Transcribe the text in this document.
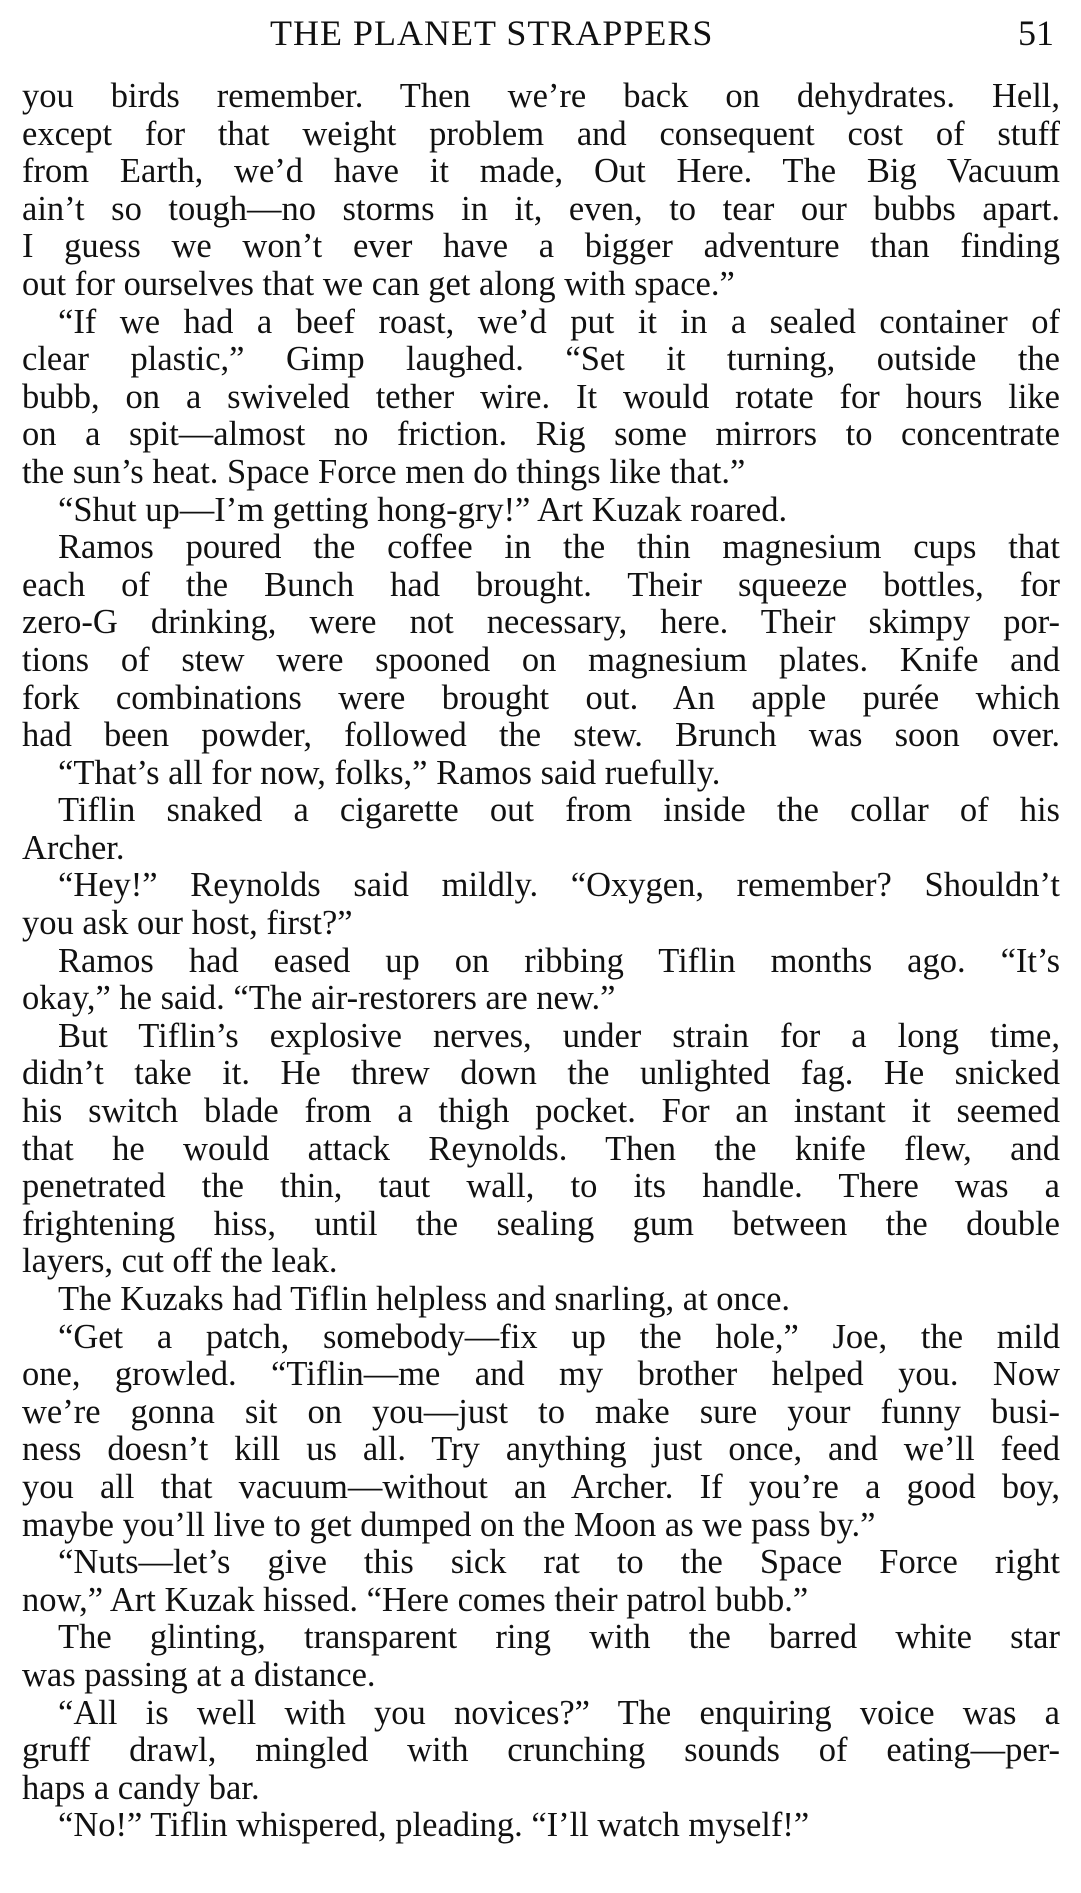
THE PLANET STRAPPERS	51
you birds remember. Then we’re back on dehydrates. Hell,
except for that weight problem and consequent cost of stuff
from Earth, we’d have it made, Out Here. The Big Vacuum
ain’t so tough—no storms in it, even, to tear our bubbs apart.
I guess we won’t ever have a bigger adventure than finding
out for ourselves that we can get along with space.”
“If we had a beef roast, we’d put it in a sealed container of
clear plastic,” Gimp laughed. “Set it turning, outside the
bubb, on a swiveled tether wire. It would rotate for hours like
on a spit—almost no friction. Rig some mirrors to concentrate
the sun’s heat. Space Force men do things like that.”
“Shut up—I’m getting hong-gry!” Art Kuzak roared.
Ramos poured the coffee in the thin magnesium cups that
each of the Bunch had brought. Their squeeze bottles, for
zero-G drinking, were not necessary, here. Their skimpy por-
tions of stew were spooned on magnesium plates. Knife and
fork combinations were brought out. An apple purée which
had been powder, followed the stew. Brunch was soon over.
“That’s all for now, folks,” Ramos said ruefully.
Tiflin snaked a cigarette out from inside the collar of his
Archer.
“Hey!” Reynolds said mildly. “Oxygen, remember? Shouldn’t
you ask our host, first?”
Ramos had eased up on ribbing Tiflin months ago. “It’s
okay,” he said. “The air-restorers are new.”
But Tiflin’s explosive nerves, under strain for a long time,
didn’t take it. He threw down the unlighted fag. He snicked
his switch blade from a thigh pocket. For an instant it seemed
that he would attack Reynolds. Then the knife flew, and
penetrated the thin, taut wall, to its handle. There was a
frightening hiss, until the sealing gum between the double
layers, cut off the leak.
The Kuzaks had Tiflin helpless and snarling, at once.
“Get a patch, somebody—fix up the hole,” Joe, the mild
one, growled. “Tiflin—me and my brother helped you. Now
we’re gonna sit on you—just to make sure your funny busi-
ness doesn’t kill us all. Try anything just once, and we’ll feed
you all that vacuum—without an Archer. If you’re a good boy,
maybe you’ll live to get dumped on the Moon as we pass by.”
“Nuts—let’s give this sick rat to the Space Force right
now,” Art Kuzak hissed. “Here comes their patrol bubb.”
The glinting, transparent ring with the barred white star
was passing at a distance.
“All is well with you novices?” The enquiring voice was a
gruff drawl, mingled with crunching sounds of eating—per-
haps a candy bar.
“No!” Tiflin whispered, pleading. “I’ll watch myself!”
